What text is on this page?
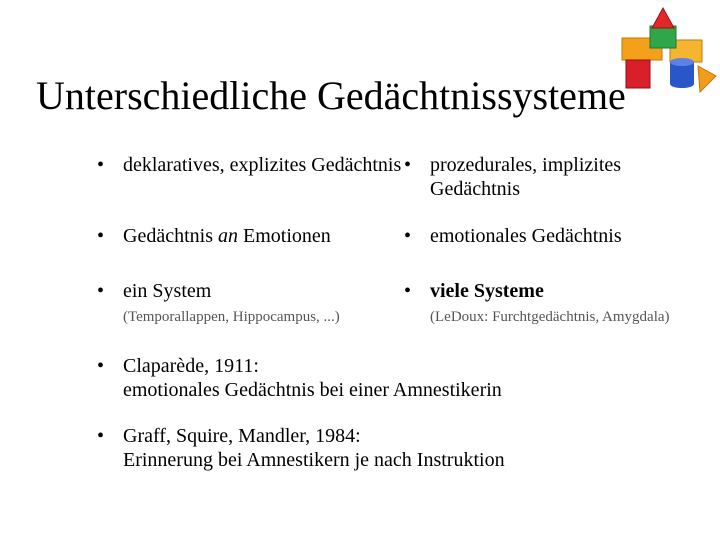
Unterschiedliche Gedächtnissysteme
• deklaratives, explizites Gedächtnis
• Gedächtnis an Emotionen
• ein System
(Temporallappen, Hippocampus, ...)
• prozedurales, implizites Gedächtnis
• emotionales Gedächtnis
• viele Systeme
(LeDoux: Furchtgedächtnis, Amygdala)
• Claparède, 1911:
emotionales Gedächtnis bei einer Amnestikerin
• Graff, Squire, Mandler, 1984:
Erinnerung bei Amnestikern je nach Instruktion
